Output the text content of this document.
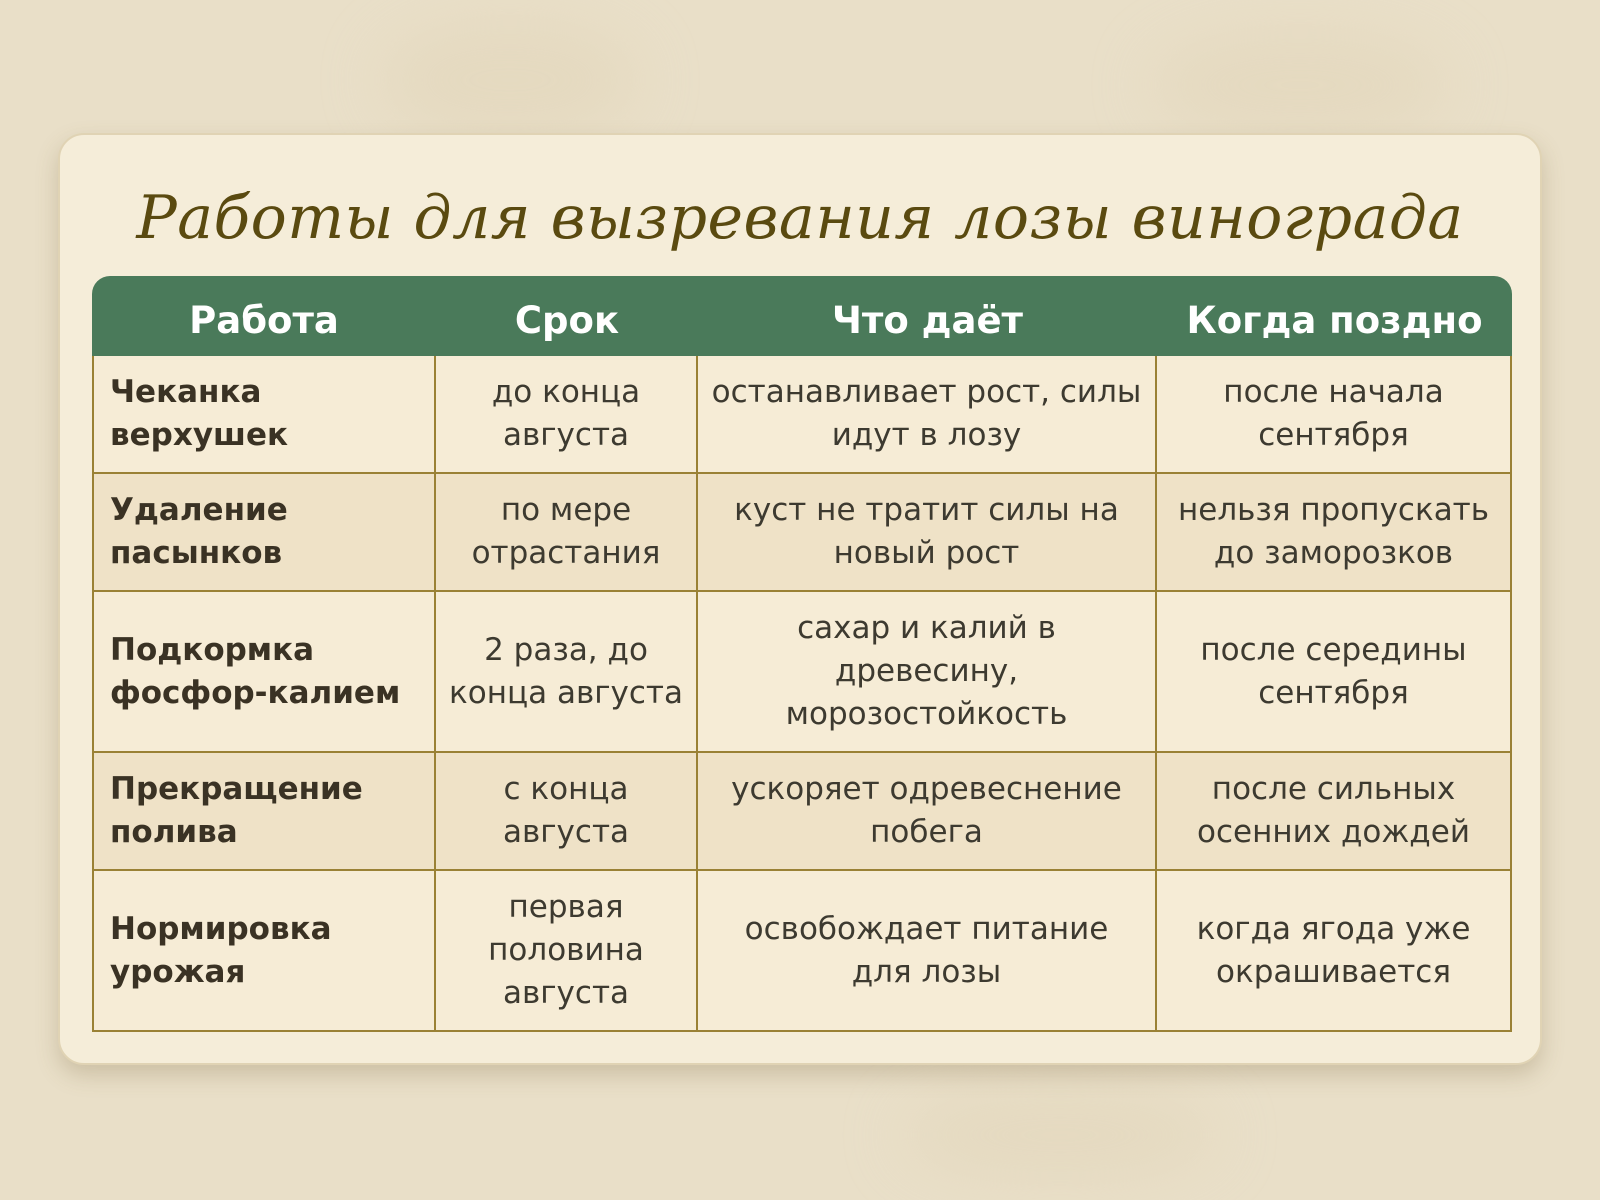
Работы для вызревания лозы винограда
Работа	Срок	Что даёт	Когда поздно
Чеканка верхушек	до конца августа	останавливает рост, силы идут в лозу	после начала сентября
Удаление пасынков	по мере отрастания	куст не тратит силы на новый рост	нельзя пропускать до заморозков
Подкормка фосфор-калием	2 раза, до конца августа	сахар и калий в древесину, морозостойкость	после середины сентября
Прекращение полива	с конца августа	ускоряет одревеснение побега	после сильных осенних дождей
Нормировка урожая	первая половина августа	освобождает питание для лозы	когда ягода уже окрашивается
